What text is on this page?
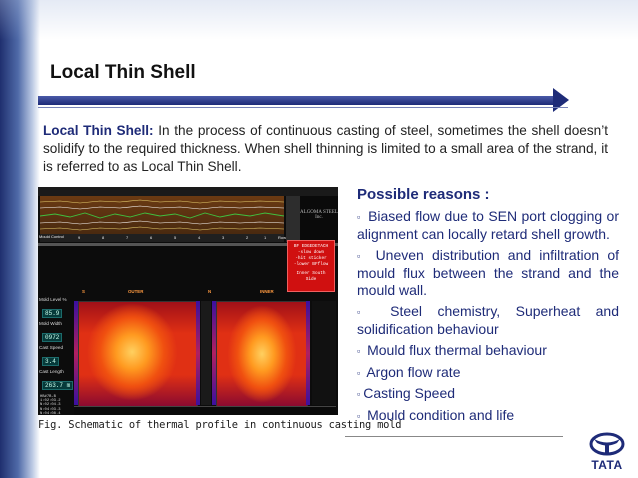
Local Thin Shell
Local Thin Shell: In the process of continuous casting of steel, sometimes the shell doesn’t solidify to the required thickness. When shell thinning is limited to a small area of the strand, it is referred to as Local Thin Shell.
ALGOMA STEEL Inc.
Mould Control	9	8	7	6	5	4	3	2	1	Row
BF EDGEDETACH
-slow down
-hit sticker
-lower BFflow
Inner South
Side
S	OUTER	N	INNER
Mold Level %
85.9
Mold Width
0972
Cast Speed
3.4
Cast Length
263.7 m
HB#7B-B
1:02:03.2
N:02:04.3
N:04:03.3
N:04:08.4
Fig. Schematic of thermal profile in continuous casting mold
Possible reasons :
▫ Biased flow due to SEN port clogging or alignment can locally retard shell growth.
▫ Uneven distribution and infiltration of mould flux between the strand and the mould wall.
▫ Steel chemistry, Superheat and solidification behaviour
▫ Mould flux thermal behaviour
▫ Argon flow rate
▫ Casting Speed
▫ Mould condition and life
TATA
